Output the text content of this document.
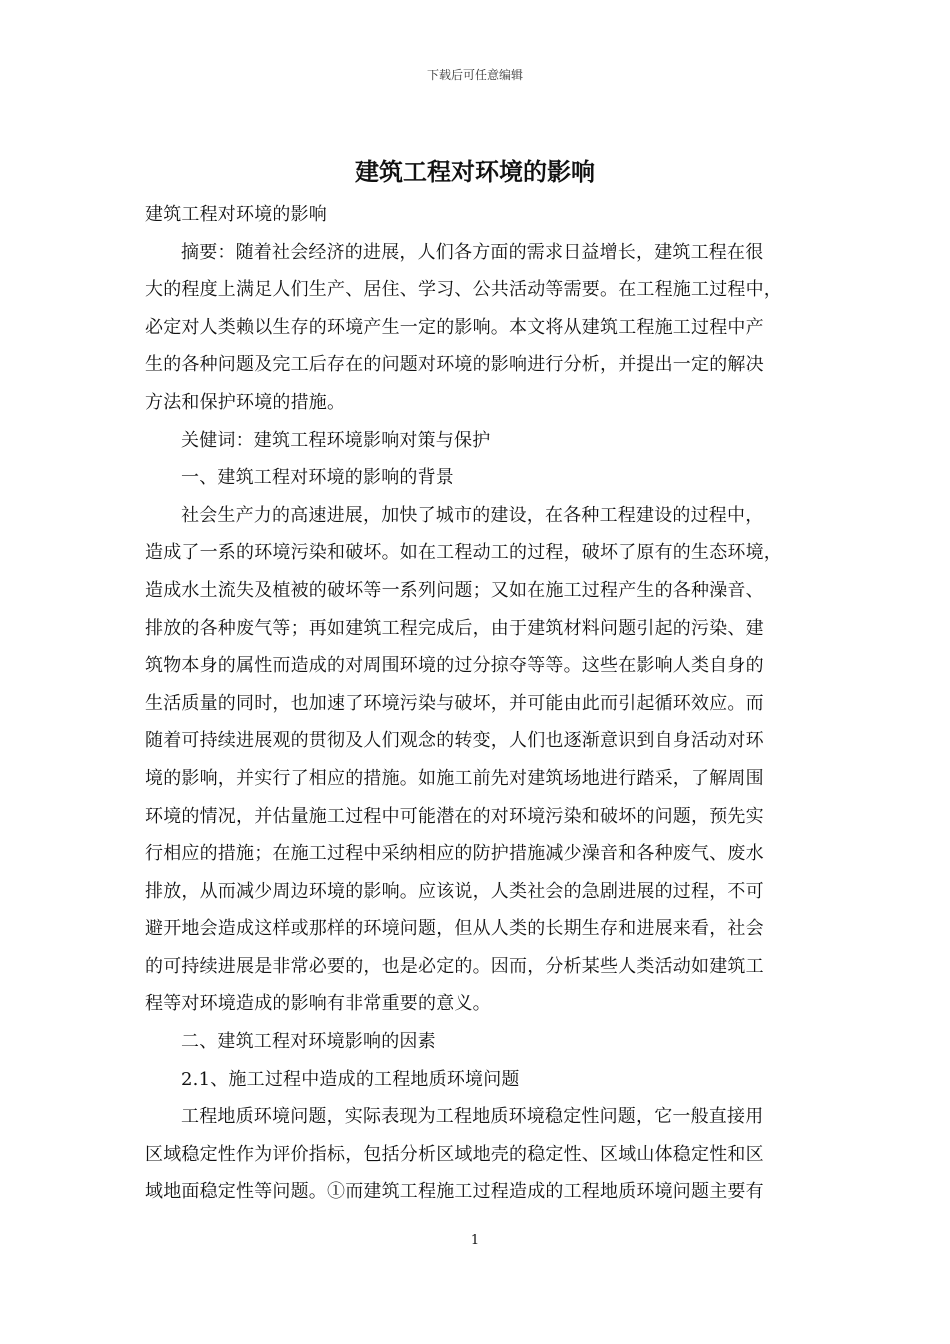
下载后可任意编辑
建筑工程对环境的影响
建筑工程对环境的影响
摘要：随着社会经济的进展，人们各方面的需求日益增长，建筑工程在很
大的程度上满足人们生产、居住、学习、公共活动等需要。在工程施工过程中，
必定对人类赖以生存的环境产生一定的影响。本文将从建筑工程施工过程中产
生的各种问题及完工后存在的问题对环境的影响进行分析，并提出一定的解决
方法和保护环境的措施。
关健词：建筑工程环境影响对策与保护
一、建筑工程对环境的影响的背景
社会生产力的高速进展，加快了城市的建设，在各种工程建设的过程中，
造成了一系的环境污染和破坏。如在工程动工的过程，破坏了原有的生态环境，
造成水土流失及植被的破坏等一系列问题；又如在施工过程产生的各种澡音、
排放的各种废气等；再如建筑工程完成后，由于建筑材料问题引起的污染、建
筑物本身的属性而造成的对周围环境的过分掠夺等等。这些在影响人类自身的
生活质量的同时，也加速了环境污染与破坏，并可能由此而引起循环效应。而
随着可持续进展观的贯彻及人们观念的转变，人们也逐渐意识到自身活动对环
境的影响，并实行了相应的措施。如施工前先对建筑场地进行踏采，了解周围
环境的情况，并估量施工过程中可能潜在的对环境污染和破坏的问题，预先实
行相应的措施；在施工过程中采纳相应的防护措施减少澡音和各种废气、废水
排放，从而减少周边环境的影响。应该说，人类社会的急剧进展的过程，不可
避开地会造成这样或那样的环境问题，但从人类的长期生存和进展来看，社会
的可持续进展是非常必要的，也是必定的。因而，分析某些人类活动如建筑工
程等对环境造成的影响有非常重要的意义。
二、建筑工程对环境影响的因素
2.1、施工过程中造成的工程地质环境问题
工程地质环境问题，实际表现为工程地质环境稳定性问题，它一般直接用
区域稳定性作为评价指标，包括分析区域地壳的稳定性、区域山体稳定性和区
域地面稳定性等问题。①而建筑工程施工过程造成的工程地质环境问题主要有
1
